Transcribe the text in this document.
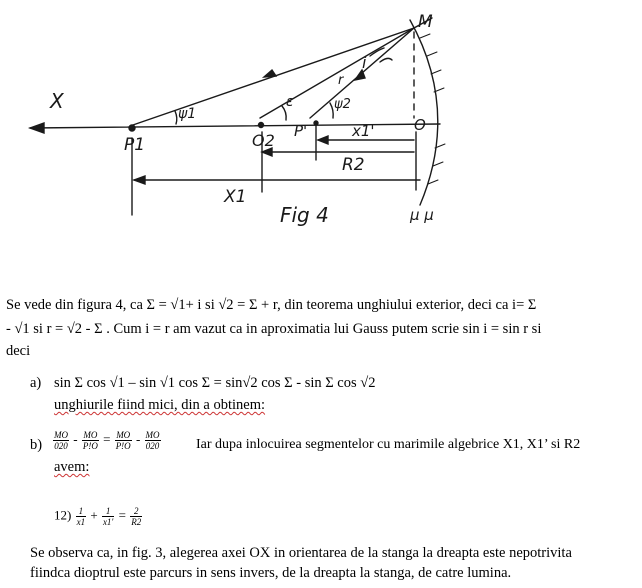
X
M
i
r
ε
ψ1
ψ2
P1	O2 P'	O
x1'
R2
X1
Fig 4	μ μ
Se vede din figura 4, ca Σ = √1+ i si √2 = Σ + r, din teorema unghiului exterior, deci ca i= Σ
- √1 si r = √2 - Σ . Cum i = r am vazut ca in aproximatia lui Gauss putem scrie sin i = sin r si
deci
a) sin Σ cos √1 – sin √1 cos Σ = sin√2 cos Σ - sin Σ cos √2
unghiurile fiind mici, din a obtinem:
$b) \frac{MO}{020} - \frac{MO}{P!O} = \frac{MO}{P!O} - \frac{MO}{020}$	Iar dupa inlocuirea segmentelor cu marimile algebrice X1, X1’ si R2
avem:
$12) \frac{1}{x1} + \frac{1}{x1'} = \frac{2}{R2}$
Se observa ca, in fig. 3, alegerea axei OX in orientarea de la stanga la dreapta este nepotrivita
fiindca dioptrul este parcurs in sens invers, de la dreapta la stanga, de catre lumina.
